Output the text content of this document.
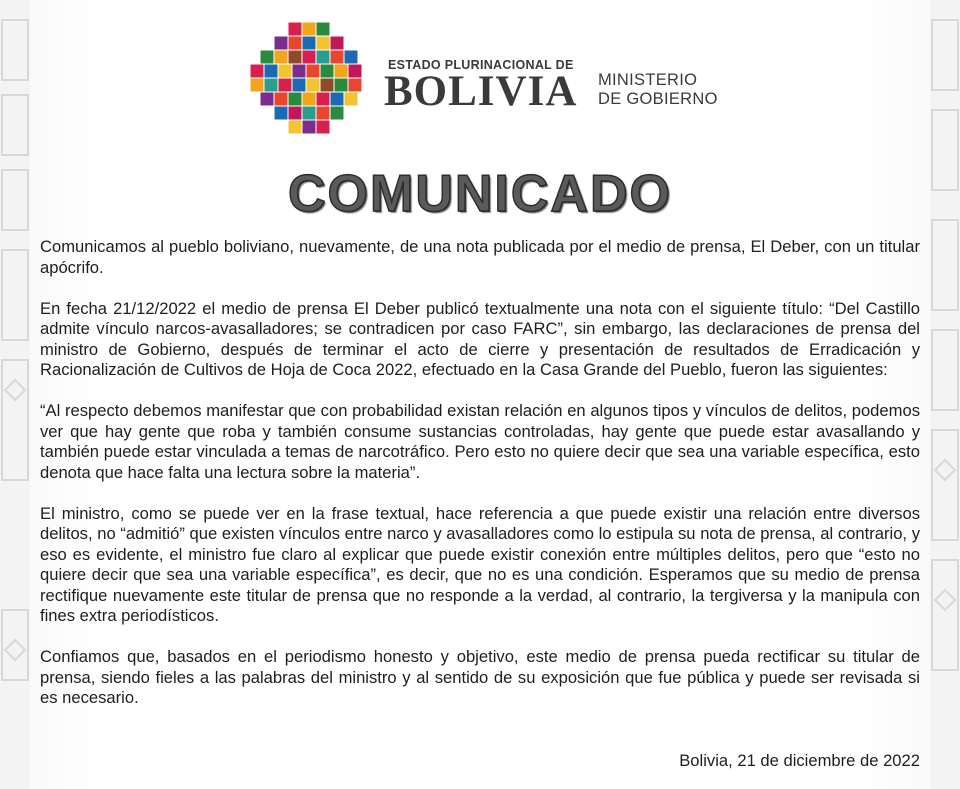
ESTADO PLURINACIONAL DE
BOLIVIA MINISTERIO
DE GOBIERNO
COMUNICADO

Comunicamos al pueblo boliviano, nuevamente, de una nota publicada por el medio de prensa, El Deber, con un titular apócrifo.

En fecha 21/12/2022 el medio de prensa El Deber publicó textualmente una nota con el siguiente título: “Del Castillo admite vínculo narcos-avasalladores; se contradicen por caso FARC”, sin embargo, las declaraciones de prensa del ministro de Gobierno, después de terminar el acto de cierre y presentación de resultados de Erradicación y Racionalización de Cultivos de Hoja de Coca 2022, efectuado en la Casa Grande del Pueblo, fueron las siguientes:

“Al respecto debemos manifestar que con probabilidad existan relación en algunos tipos y vínculos de delitos, podemos ver que hay gente que roba y también consume sustancias controladas, hay gente que puede estar avasallando y también puede estar vinculada a temas de narcotráfico. Pero esto no quiere decir que sea una variable específica, esto denota que hace falta una lectura sobre la materia”.

El ministro, como se puede ver en la frase textual, hace referencia a que puede existir una relación entre diversos delitos, no “admitió” que existen vínculos entre narco y avasalladores como lo estipula su nota de prensa, al contrario, y eso es evidente, el ministro fue claro al explicar que puede existir conexión entre múltiples delitos, pero que “esto no quiere decir que sea una variable específica”, es decir, que no es una condición. Esperamos que su medio de prensa rectifique nuevamente este titular de prensa que no responde a la verdad, al contrario, la tergiversa y la manipula con fines extra periodísticos.

Confiamos que, basados en el periodismo honesto y objetivo, este medio de prensa pueda rectificar su titular de prensa, siendo fieles a las palabras del ministro y al sentido de su exposición que fue pública y puede ser revisada si es necesario.

Bolivia, 21 de diciembre de 2022
